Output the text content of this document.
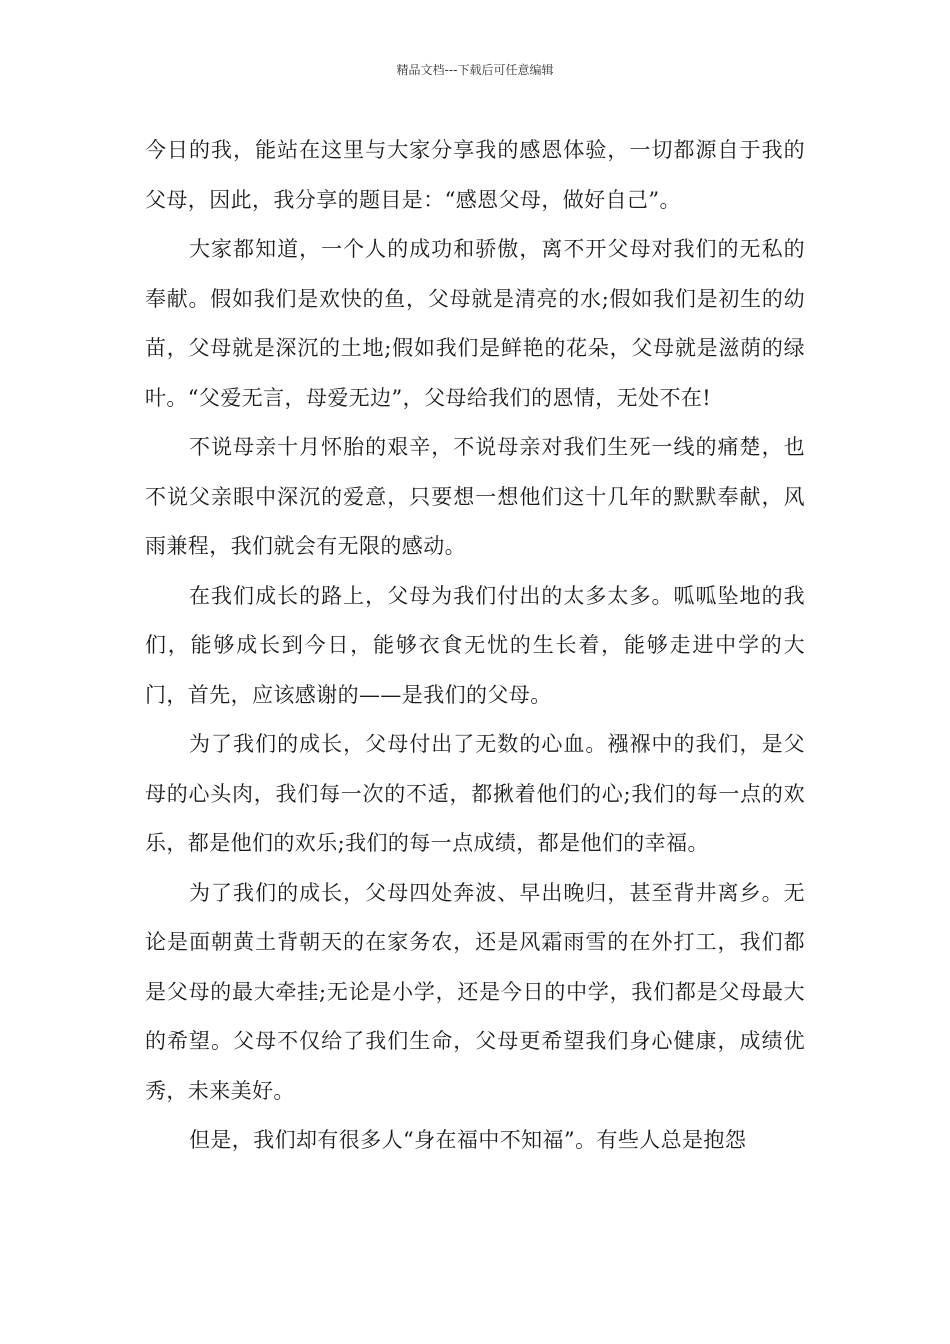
精品文档---下载后可任意编辑

今日的我，能站在这里与大家分享我的感恩体验，一切都源自于我的父母，因此，我分享的题目是：“感恩父母，做好自己”。

大家都知道，一个人的成功和骄傲，离不开父母对我们的无私的奉献。假如我们是欢快的鱼，父母就是清亮的水;假如我们是初生的幼苗，父母就是深沉的土地;假如我们是鲜艳的花朵，父母就是滋荫的绿叶。“父爱无言，母爱无边”，父母给我们的恩情，无处不在!

不说母亲十月怀胎的艰辛，不说母亲对我们生死一线的痛楚，也不说父亲眼中深沉的爱意，只要想一想他们这十几年的默默奉献，风雨兼程，我们就会有无限的感动。

在我们成长的路上，父母为我们付出的太多太多。呱呱坠地的我们，能够成长到今日，能够衣食无忧的生长着，能够走进中学的大门，首先，应该感谢的——是我们的父母。

为了我们的成长，父母付出了无数的心血。襁褓中的我们，是父母的心头肉，我们每一次的不适，都揪着他们的心;我们的每一点的欢乐，都是他们的欢乐;我们的每一点成绩，都是他们的幸福。

为了我们的成长，父母四处奔波、早出晚归，甚至背井离乡。无论是面朝黄土背朝天的在家务农，还是风霜雨雪的在外打工，我们都是父母的最大牵挂;无论是小学，还是今日的中学，我们都是父母最大的希望。父母不仅给了我们生命，父母更希望我们身心健康，成绩优秀，未来美好。

但是，我们却有很多人“身在福中不知福”。有些人总是抱怨
